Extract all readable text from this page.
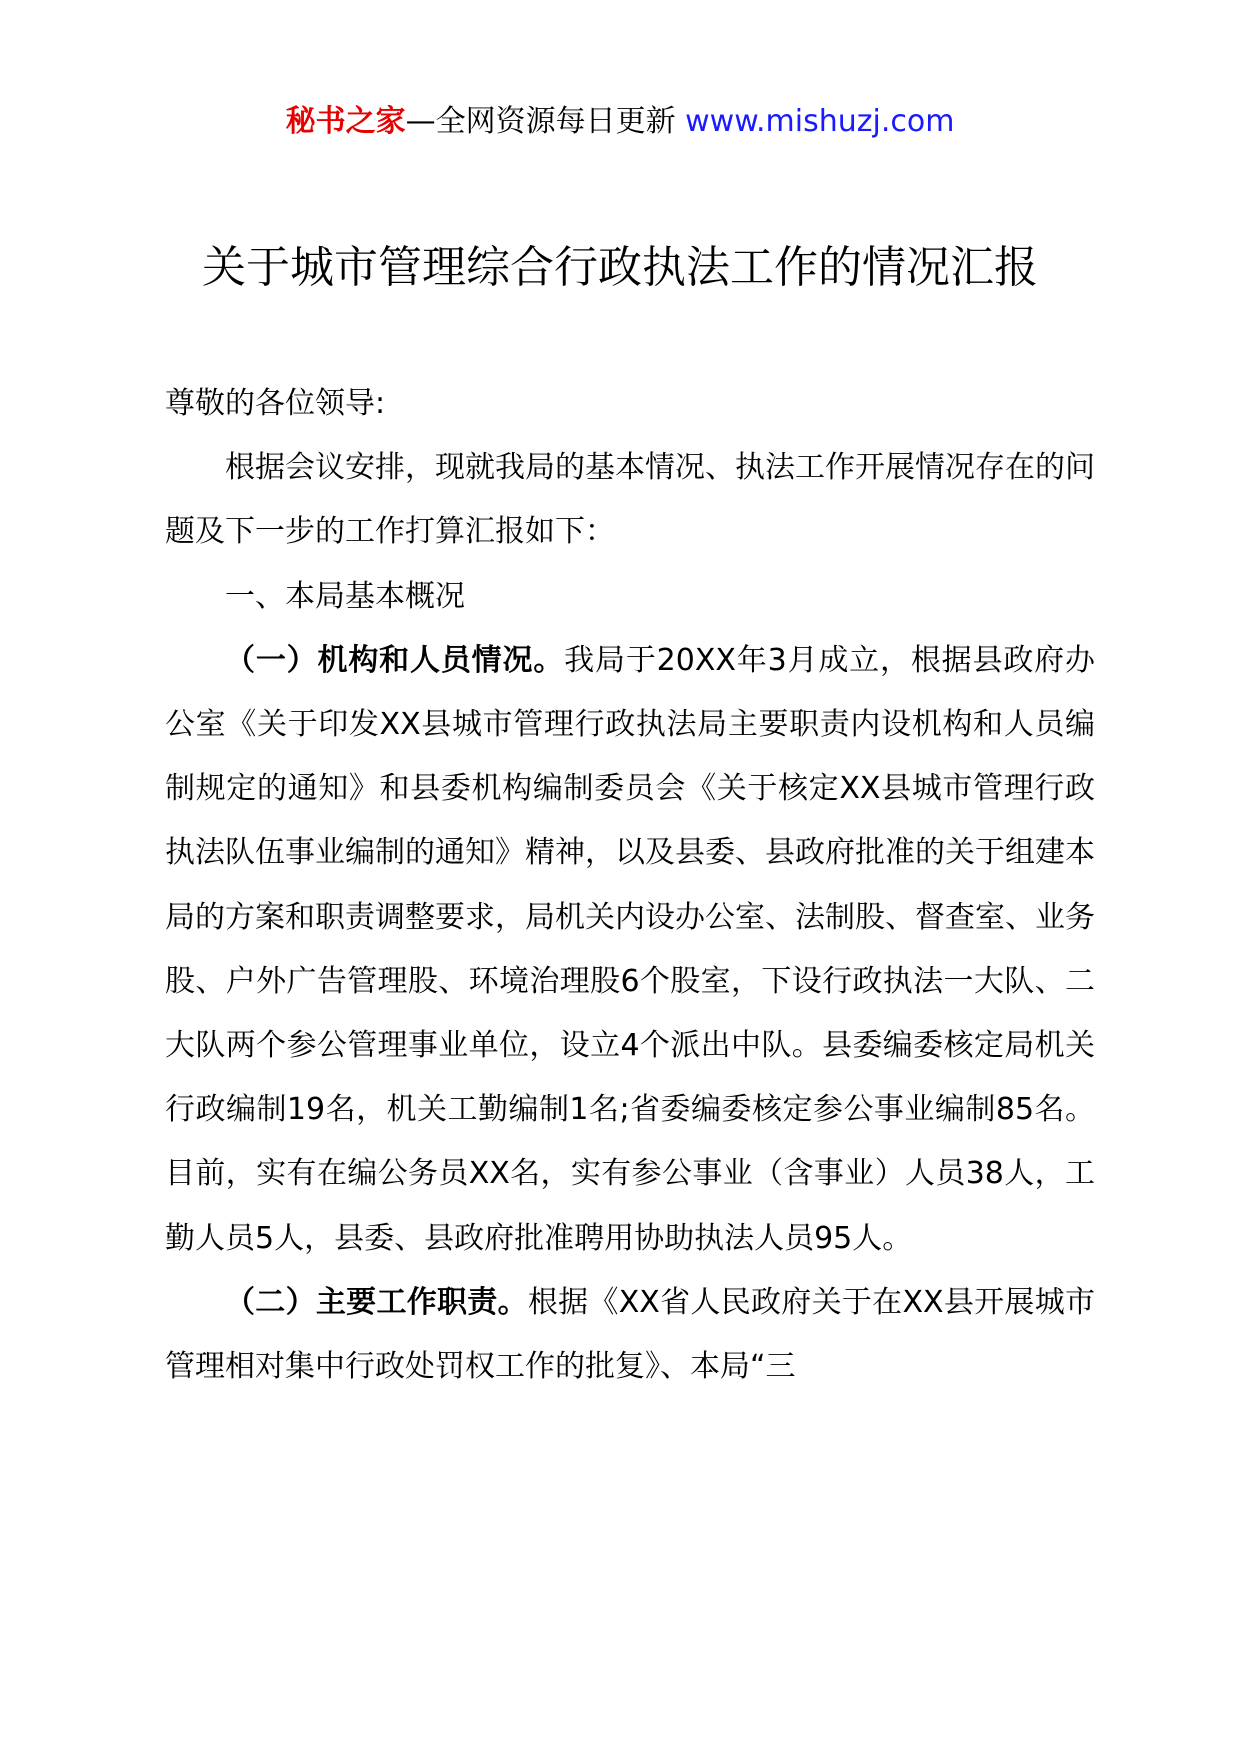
秘书之家—全网资源每日更新 www.mishuzj.com
关于城市管理综合行政执法工作的情况汇报

尊敬的各位领导:

根据会议安排，现就我局的基本情况、执法工作开展情况存在的问题及下一步的工作打算汇报如下：

一、本局基本概况

（一）机构和人员情况。我局于20XX年3月成立，根据县政府办公室《关于印发XX县城市管理行政执法局主要职责内设机构和人员编制规定的通知》和县委机构编制委员会《关于核定XX县城市管理行政执法队伍事业编制的通知》精神，以及县委、县政府批准的关于组建本局的方案和职责调整要求，局机关内设办公室、法制股、督查室、业务股、户外广告管理股、环境治理股6个股室，下设行政执法一大队、二大队两个参公管理事业单位，设立4个派出中队。县委编委核定局机关行政编制19名，机关工勤编制1名;省委编委核定参公事业编制85名。目前，实有在编公务员XX名，实有参公事业（含事业）人员38人，工勤人员5人，县委、县政府批准聘用协助执法人员95人。

（二）主要工作职责。根据《XX省人民政府关于在XX县开展城市管理相对集中行政处罚权工作的批复》、本局“三
